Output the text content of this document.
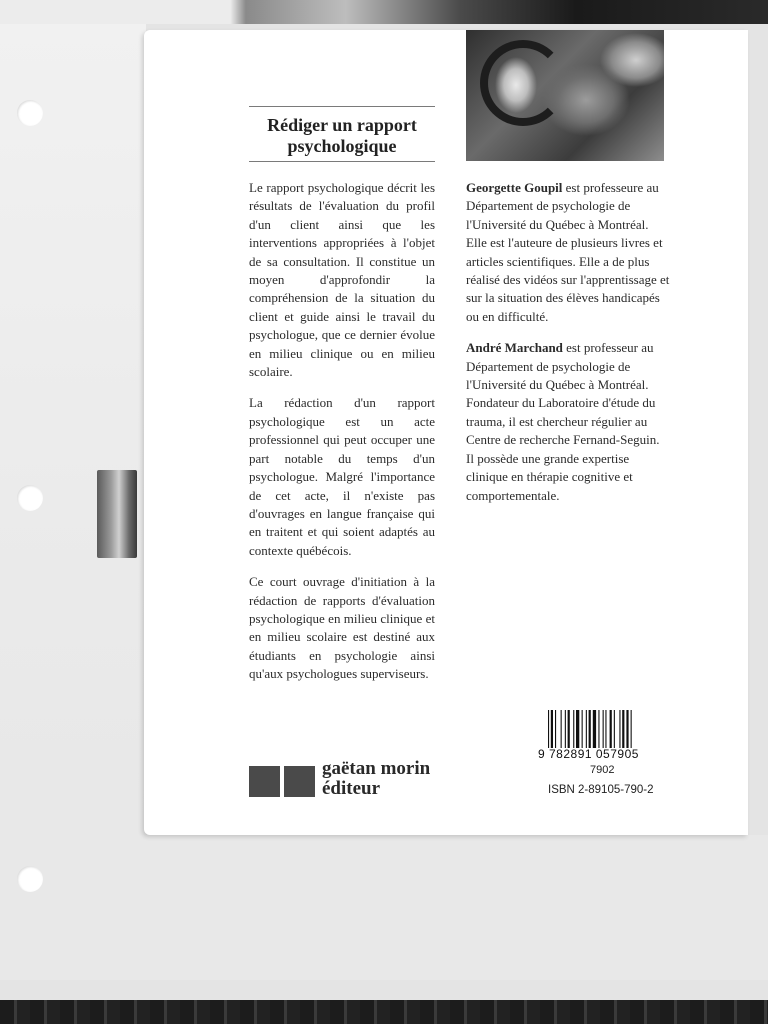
Rédiger un rapport
psychologique

Le rapport psychologique décrit les résultats de l'évaluation du profil d'un client ainsi que les interventions appropriées à l'objet de sa consultation. Il constitue un moyen d'approfondir la compréhension de la situation du client et guide ainsi le travail du psychologue, que ce dernier évolue en milieu clinique ou en milieu scolaire.

La rédaction d'un rapport psychologique est un acte professionnel qui peut occuper une part notable du temps d'un psychologue. Malgré l'importance de cet acte, il n'existe pas d'ouvrages en langue française qui en traitent et qui soient adaptés au contexte québécois.

Ce court ouvrage d'initiation à la rédaction de rapports d'évaluation psychologique en milieu clinique et en milieu scolaire est destiné aux étudiants en psychologie ainsi qu'aux psychologues superviseurs.

Georgette Goupil est professeure au Département de psychologie de l'Université du Québec à Montréal. Elle est l'auteure de plusieurs livres et articles scientifiques. Elle a de plus réalisé des vidéos sur l'apprentissage et sur la situation des élèves handicapés ou en difficulté.

André Marchand est professeur au Département de psychologie de l'Université du Québec à Montréal. Fondateur du Laboratoire d'étude du trauma, il est chercheur régulier au Centre de recherche Fernand-Seguin. Il possède une grande expertise clinique en thérapie cognitive et comportementale.

gaëtan morin
éditeur
9 782891 057905
7902
ISBN 2-89105-790-2
